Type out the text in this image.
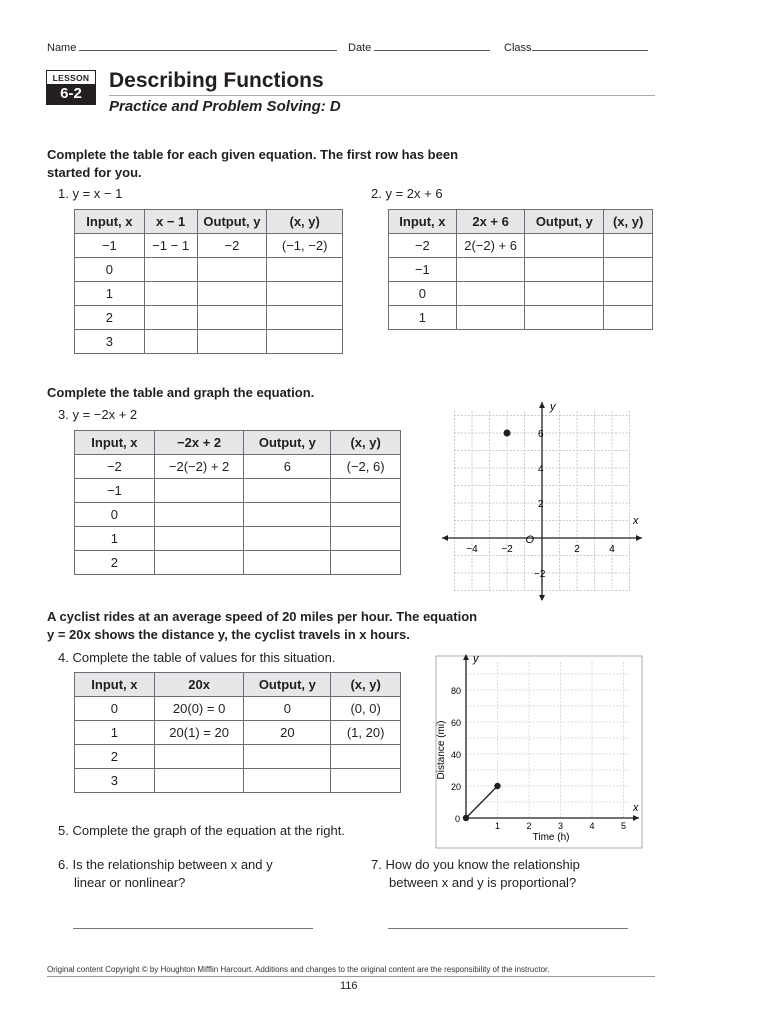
Name	Date	Class
LESSON
6-2
Describing Functions
Practice and Problem Solving: D
Complete the table for each given equation. The first row has been
started for you.
1. y = x − 1	2. y = 2x + 6
Input, x	x − 1	Output, y	(x, y)
−1	−1 − 1	−2	(−1, −2)
0			
1			
2			
3			
Input, x	2x + 6	Output, y	(x, y)
−2	2(−2) + 6		
−1			
0			
1			
Complete the table and graph the equation.
3. y = −2x + 2
Input, x	−2x + 2	Output, y	(x, y)
−2	−2(−2) + 2	6	(−2, 6)
−1			
0			
1			
2			
y
x
O
−4 −2	2	4
6
4
2
−2
A cyclist rides at an average speed of 20 miles per hour. The equation
y = 20x shows the distance y, the cyclist travels in x hours.
4. Complete the table of values for this situation.
Input, x	20x	Output, y	(x, y)
0	20(0) = 0	0	(0, 0)
1	20(1) = 20	20	(1, 20)
2			
3			
y
x
0
1	2	3	4	5
80
60
40
20
Time (h)
Distance (mi)
5. Complete the graph of the equation at the right.
6. Is the relationship between x and y
linear or nonlinear?
7. How do you know the relationship
between x and y is proportional?
Original content Copyright © by Houghton Mifflin Harcourt. Additions and changes to the original content are the responsibility of the instructor.
116
